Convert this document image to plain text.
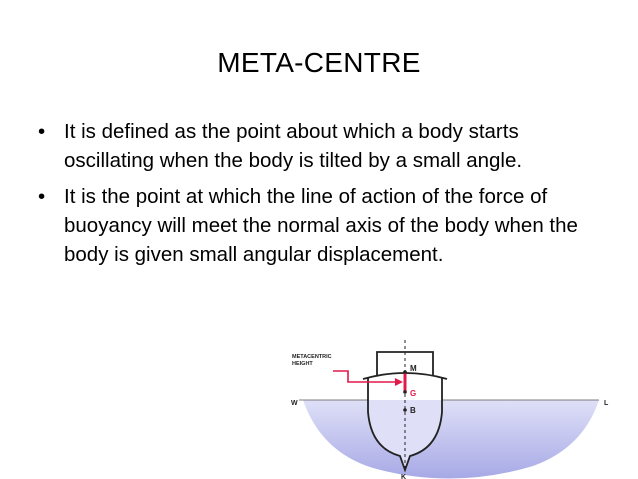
META-CENTRE
• It is defined as the point about which a body starts oscillating when the body is tilted by a small angle.
• It is the point at which the line of action of the force of buoyancy will meet the normal axis of the body when the body is given small angular displacement.
METACENTRIC
HEIGHT
W	L
M
G
B
K
